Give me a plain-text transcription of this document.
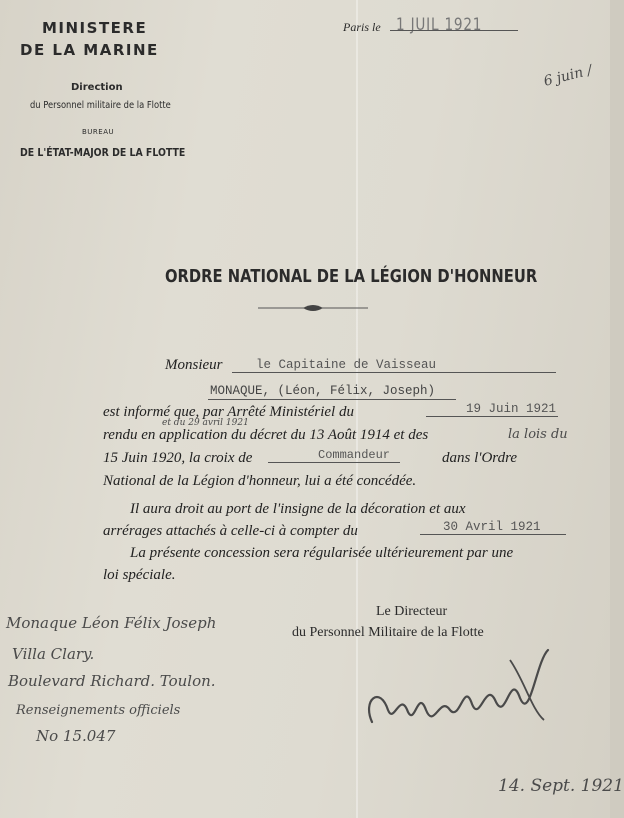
MINISTERE
DE LA MARINE
Direction
du Personnel militaire de la Flotte
BUREAU
DE L'ÉTAT-MAJOR DE LA FLOTTE
Paris le 1 JUIL 1921
6 juin /
ORDRE NATIONAL DE LA LÉGION D'HONNEUR
Monsieur	le Capitaine de Vaisseau
MONAQUE, (Léon, Félix, Joseph)
est informé que, par Arrêté Ministériel du	19 Juin 1921
et du 29 avril 1921
rendu en application du décret du 13 Août 1914 et des	la lois du
15 Juin 1920, la croix de	Commandeur	dans l'Ordre
National de la Légion d'honneur, lui a été concédée.
Il aura droit au port de l'insigne de la décoration et aux
arrérages attachés à celle-ci à compter du	30 Avril 1921
La présente concession sera régularisée ultérieurement par une
loi spéciale.
Le Directeur
du Personnel Militaire de la Flotte
Monaque Léon Félix Joseph
Villa Clary.
Boulevard Richard. Toulon.
Renseignements officiels
No 15.047
14. Sept. 1921
